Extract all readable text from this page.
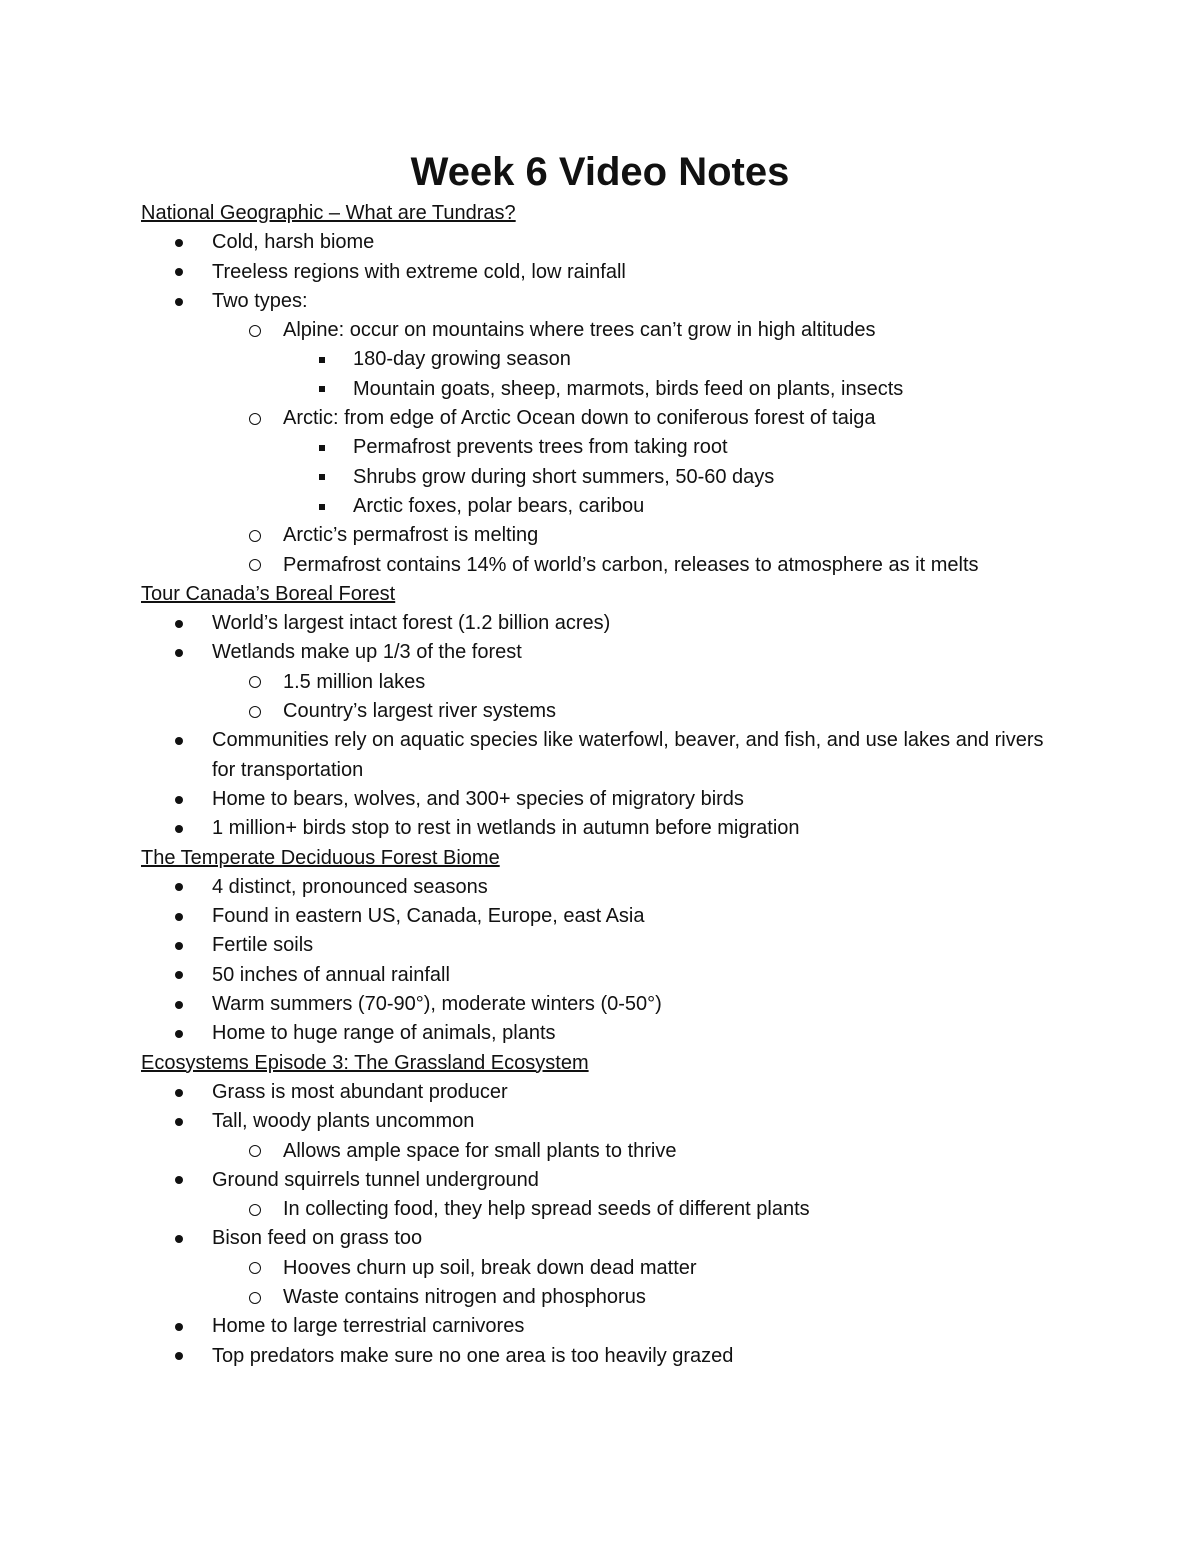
Week 6 Video Notes
National Geographic – What are Tundras?
Cold, harsh biome
Treeless regions with extreme cold, low rainfall
Two types:
Alpine: occur on mountains where trees can’t grow in high altitudes
180-day growing season
Mountain goats, sheep, marmots, birds feed on plants, insects
Arctic: from edge of Arctic Ocean down to coniferous forest of taiga
Permafrost prevents trees from taking root
Shrubs grow during short summers, 50-60 days
Arctic foxes, polar bears, caribou
Arctic’s permafrost is melting
Permafrost contains 14% of world’s carbon, releases to atmosphere as it melts
Tour Canada’s Boreal Forest
World’s largest intact forest (1.2 billion acres)
Wetlands make up 1/3 of the forest
1.5 million lakes
Country’s largest river systems
Communities rely on aquatic species like waterfowl, beaver, and fish, and use lakes and rivers for transportation
Home to bears, wolves, and 300+ species of migratory birds
1 million+ birds stop to rest in wetlands in autumn before migration
The Temperate Deciduous Forest Biome
4 distinct, pronounced seasons
Found in eastern US, Canada, Europe, east Asia
Fertile soils
50 inches of annual rainfall
Warm summers (70-90°), moderate winters (0-50°)
Home to huge range of animals, plants
Ecosystems Episode 3: The Grassland Ecosystem
Grass is most abundant producer
Tall, woody plants uncommon
Allows ample space for small plants to thrive
Ground squirrels tunnel underground
In collecting food, they help spread seeds of different plants
Bison feed on grass too
Hooves churn up soil, break down dead matter
Waste contains nitrogen and phosphorus
Home to large terrestrial carnivores
Top predators make sure no one area is too heavily grazed
